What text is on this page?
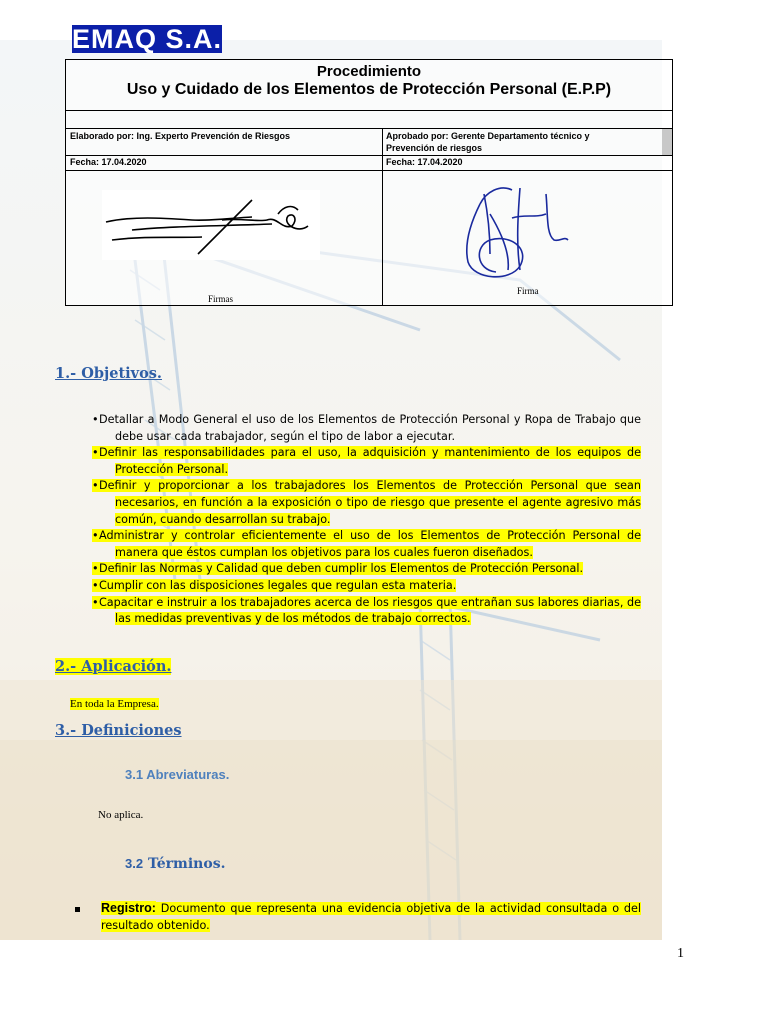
EMAQ S.A.
Procedimiento
Uso y Cuidado de los Elementos de Protección Personal (E.P.P)
Elaborado por: Ing. Experto Prevención de Riesgos	Aprobado por: Gerente Departamento técnico y
Prevención de riesgos
Fecha: 17.04.2020	Fecha: 17.04.2020
Firmas
Firma
1.- Objetivos.

•Detallar a Modo General el uso de los Elementos de Protección Personal y Ropa de Trabajo que debe usar cada trabajador, según el tipo de labor a ejecutar.

•Definir las responsabilidades para el uso, la adquisición y mantenimiento de los equipos de Protección Personal.

•Definir y proporcionar a los trabajadores los Elementos de Protección Personal que sean necesarios, en función a la exposición o tipo de riesgo que presente el agente agresivo más común, cuando desarrollan su trabajo.

•Administrar y controlar eficientemente el uso de los Elementos de Protección Personal de manera que éstos cumplan los objetivos para los cuales fueron diseñados.

•Definir las Normas y Calidad que deben cumplir los Elementos de Protección Personal.

•Cumplir con las disposiciones legales que regulan esta materia.

•Capacitar e instruir a los trabajadores acerca de los riesgos que entrañan sus labores diarias, de las medidas preventivas y de los métodos de trabajo correctos.

2.- Aplicación.
En toda la Empresa.
3.- Definiciones
3.1 Abreviaturas.
No aplica.
3.2 Términos.
Registro: Documento que representa una evidencia objetiva de la actividad consultada o del resultado obtenido.
1
